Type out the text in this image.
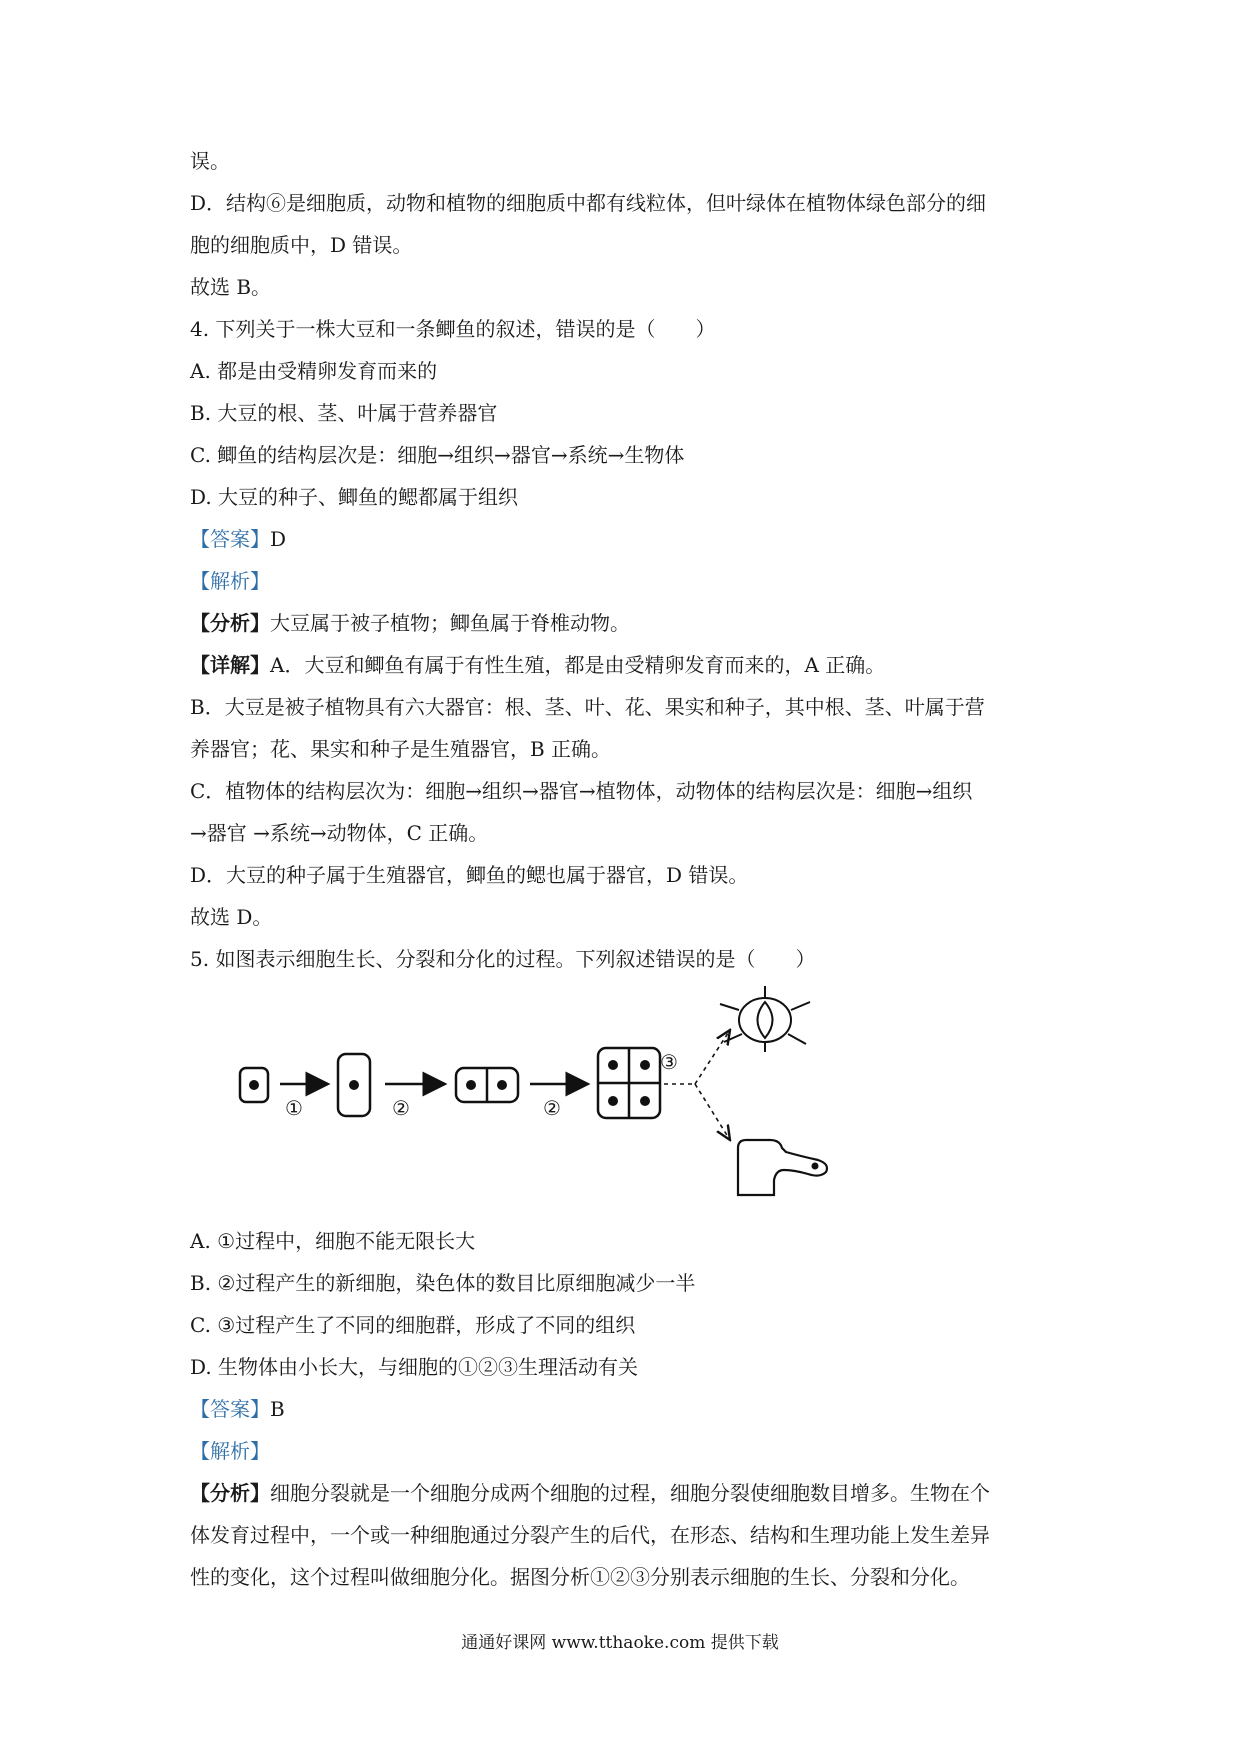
误。
D．结构⑥是细胞质，动物和植物的细胞质中都有线粒体，但叶绿体在植物体绿色部分的细
胞的细胞质中，D 错误。
故选 B。
4. 下列关于一株大豆和一条鲫鱼的叙述，错误的是（　　）
A. 都是由受精卵发育而来的
B. 大豆的根、茎、叶属于营养器官
C. 鲫鱼的结构层次是：细胞→组织→器官→系统→生物体
D. 大豆的种子、鲫鱼的鳃都属于组织
【答案】D
【解析】
【分析】大豆属于被子植物；鲫鱼属于脊椎动物。
【详解】A．大豆和鲫鱼有属于有性生殖，都是由受精卵发育而来的，A 正确。
B．大豆是被子植物具有六大器官：根、茎、叶、花、果实和种子，其中根、茎、叶属于营
养器官；花、果实和种子是生殖器官，B 正确。
C．植物体的结构层次为：细胞→组织→器官→植物体，动物体的结构层次是：细胞→组织
→器官 →系统→动物体，C 正确。
D．大豆的种子属于生殖器官，鲫鱼的鳃也属于器官，D 错误。
故选 D。
5. 如图表示细胞生长、分裂和分化的过程。下列叙述错误的是（　　）
①	②	②
③
A. ①过程中，细胞不能无限长大
B. ②过程产生的新细胞，染色体的数目比原细胞减少一半
C. ③过程产生了不同的细胞群，形成了不同的组织
D. 生物体由小长大，与细胞的①②③生理活动有关
【答案】B
【解析】
【分析】细胞分裂就是一个细胞分成两个细胞的过程，细胞分裂使细胞数目增多。生物在个
体发育过程中，一个或一种细胞通过分裂产生的后代，在形态、结构和生理功能上发生差异
性的变化，这个过程叫做细胞分化。据图分析①②③分别表示细胞的生长、分裂和分化。
通通好课网 www.tthaoke.com 提供下载
